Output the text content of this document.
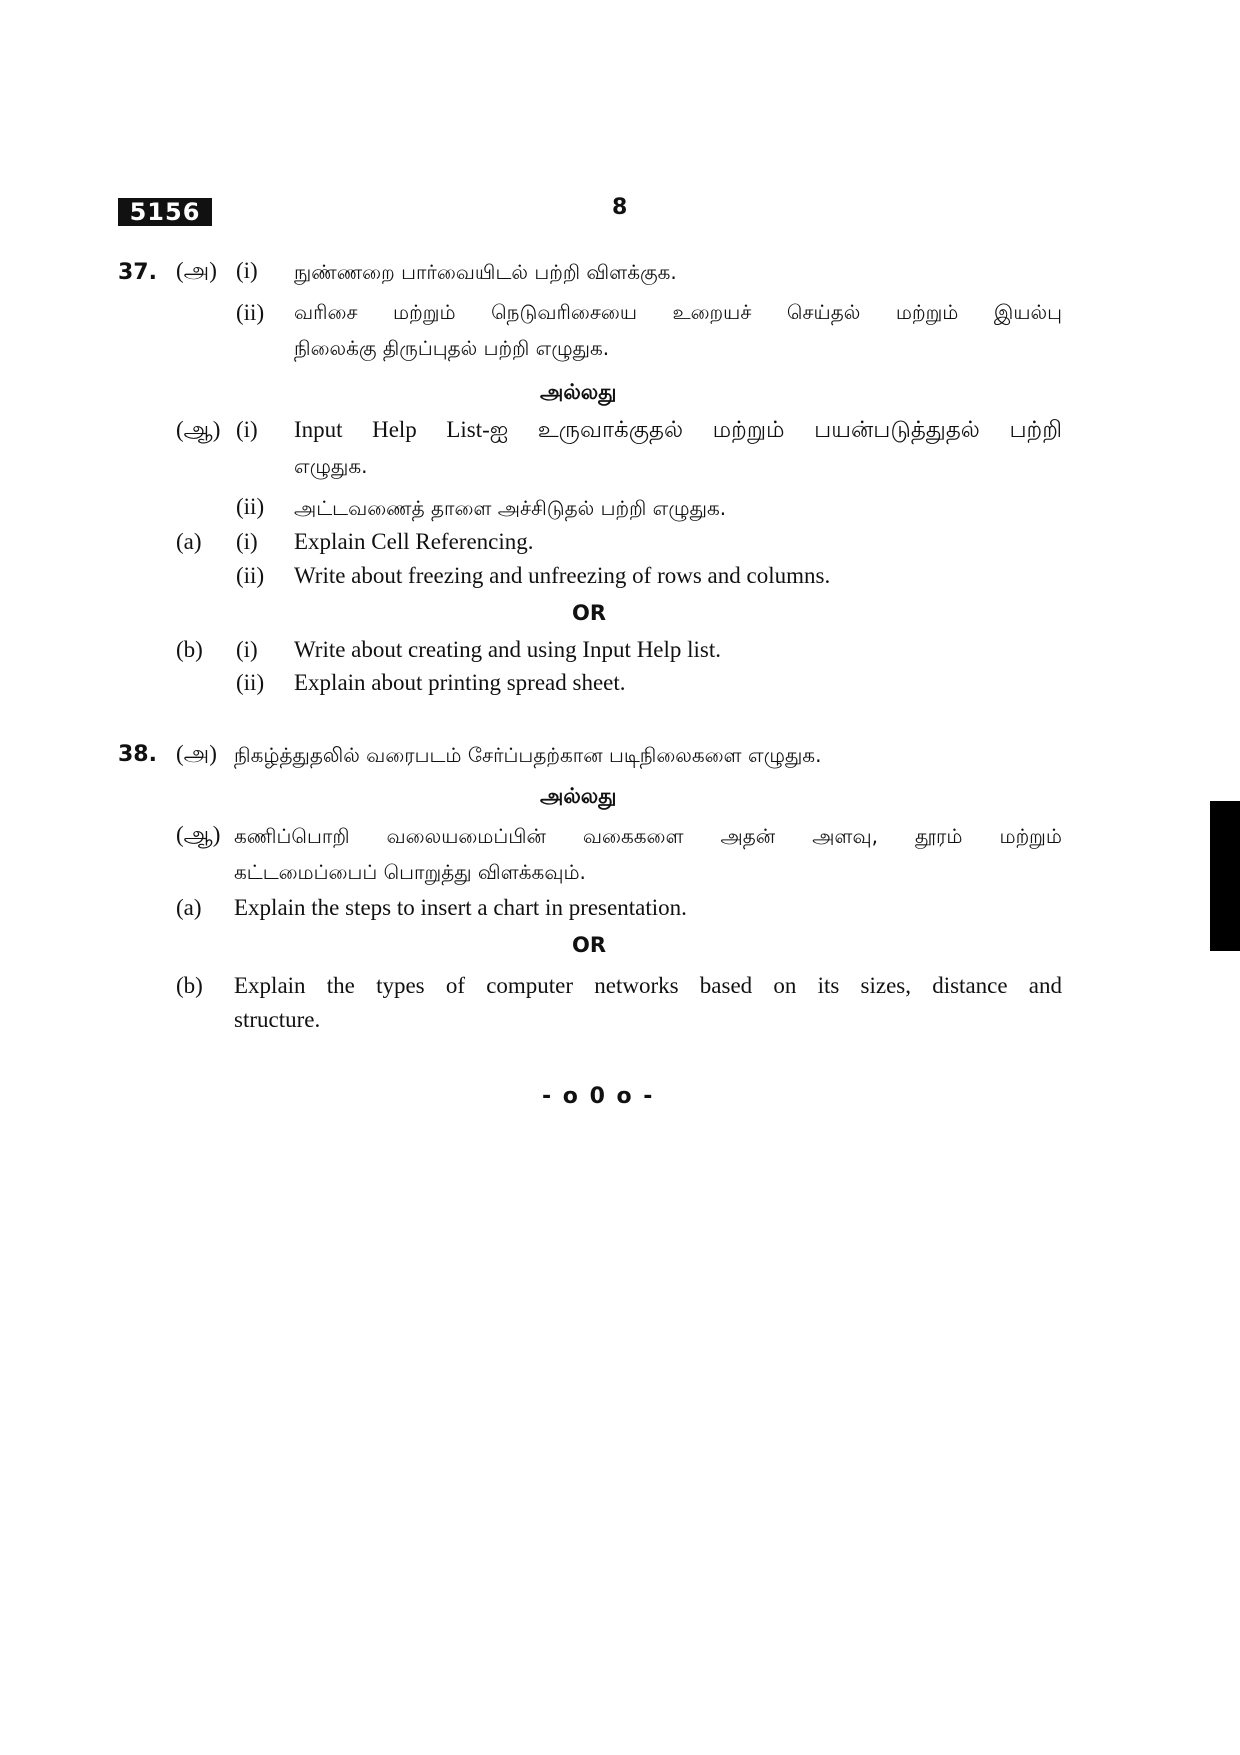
5156	8
37. (அ) (i) நுண்ணறை பார்வையிடல் பற்றி விளக்குக.
(ii) வரிசை மற்றும் நெடுவரிசையை உறையச் செய்தல் மற்றும் இயல்பு
நிலைக்கு திருப்புதல் பற்றி எழுதுக.
அல்லது
(ஆ) (i) Input Help List-ஐ உருவாக்குதல் மற்றும் பயன்படுத்துதல் பற்றி
எழுதுக.
(ii) அட்டவணைத் தாளை அச்சிடுதல் பற்றி எழுதுக.
(a) (i) Explain Cell Referencing.
(ii) Write about freezing and unfreezing of rows and columns.
OR
(b) (i) Write about creating and using Input Help list.
(ii) Explain about printing spread sheet.
38. (அ) நிகழ்த்துதலில் வரைபடம் சேர்ப்பதற்கான படிநிலைகளை எழுதுக.
அல்லது
(ஆ) கணிப்பொறி வலையமைப்பின் வகைகளை அதன் அளவு, தூரம் மற்றும்
கட்டமைப்பைப் பொறுத்து விளக்கவும்.
(a) Explain the steps to insert a chart in presentation.
OR
(b) Explain the types of computer networks based on its sizes, distance and
structure.
- o 0 o -
